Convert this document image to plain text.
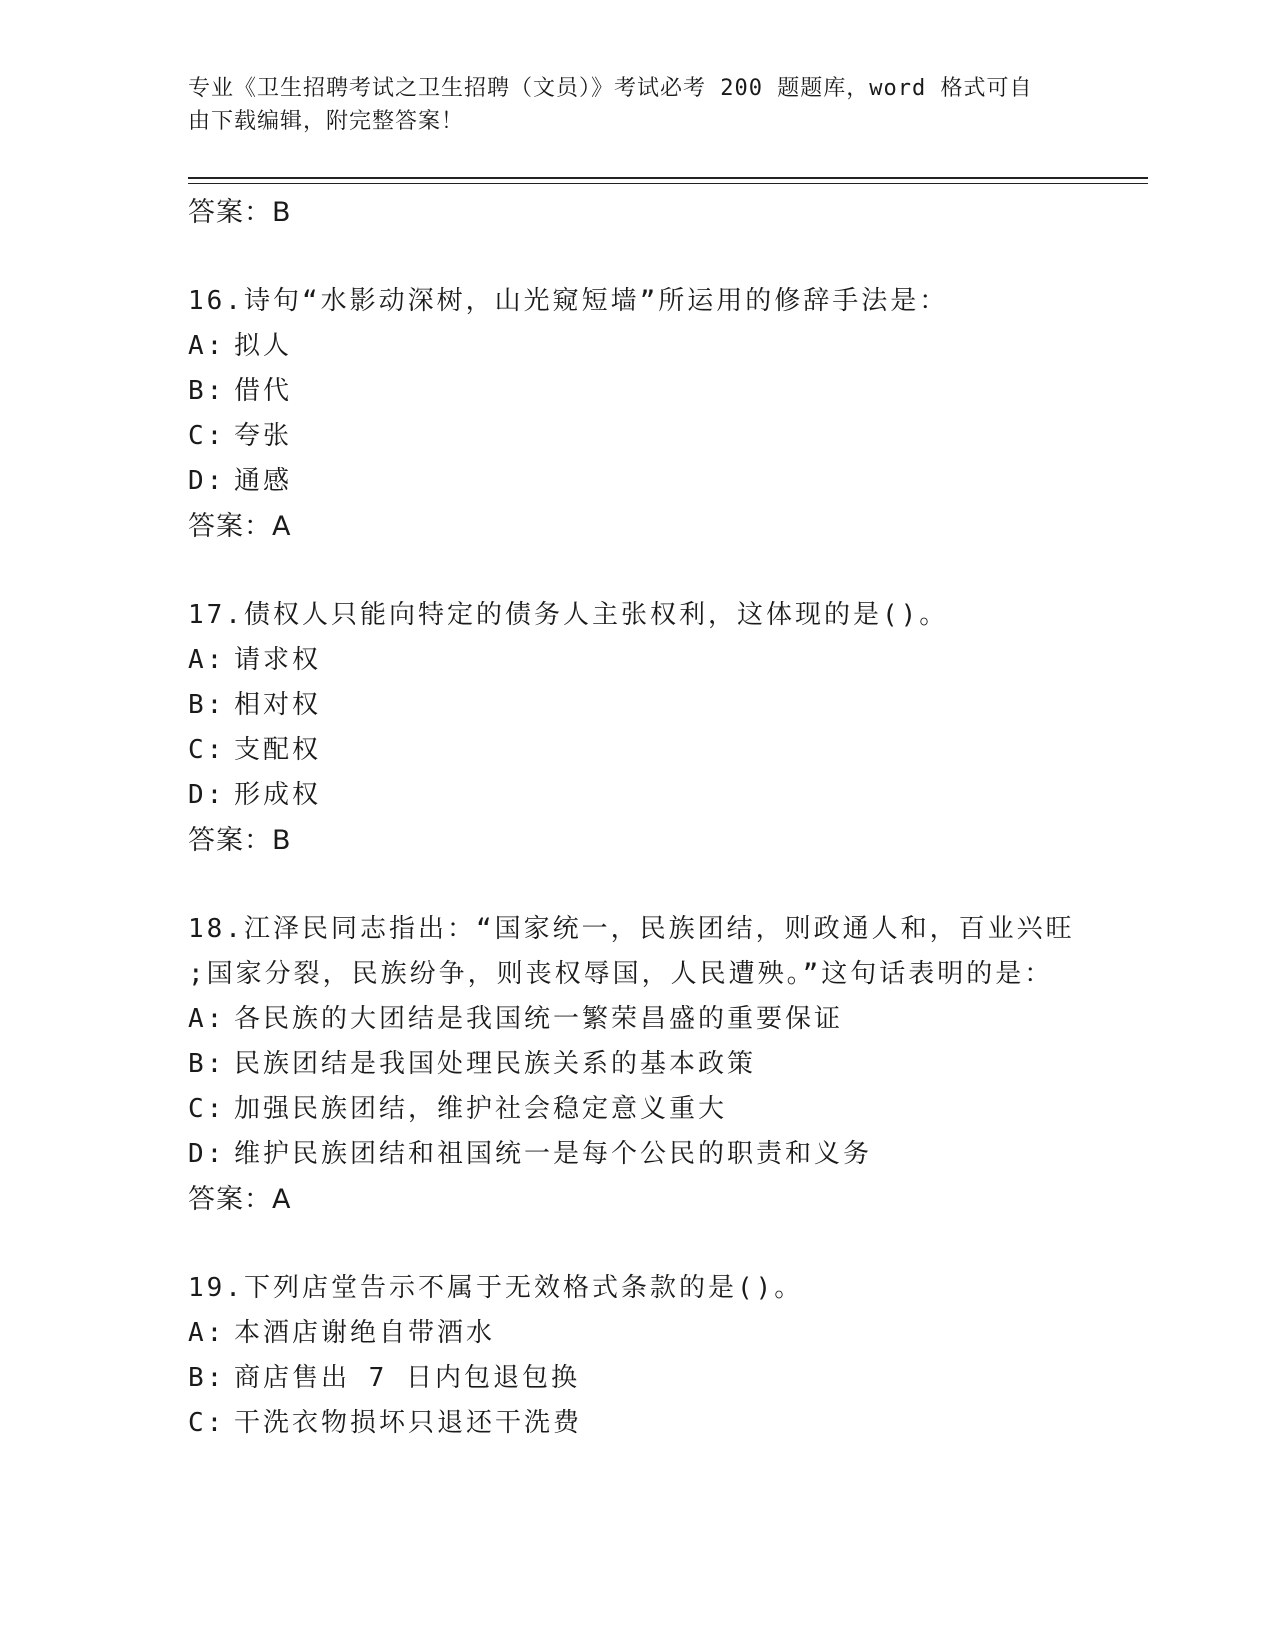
专业《卫生招聘考试之卫生招聘（文员）》考试必考 200 题题库，word 格式可自
由下载编辑，附完整答案！
答案：B
16.诗句“水影动深树，山光窥短墙”所运用的修辞手法是：
A: 拟人
B: 借代
C: 夸张
D: 通感
答案：A
17.债权人只能向特定的债务人主张权利，这体现的是()。
A: 请求权
B: 相对权
C: 支配权
D: 形成权
答案：B
18.江泽民同志指出：“国家统一，民族团结，则政通人和，百业兴旺
;国家分裂，民族纷争，则丧权辱国，人民遭殃。”这句话表明的是：
A: 各民族的大团结是我国统一繁荣昌盛的重要保证
B: 民族团结是我国处理民族关系的基本政策
C: 加强民族团结，维护社会稳定意义重大
D: 维护民族团结和祖国统一是每个公民的职责和义务
答案：A
19.下列店堂告示不属于无效格式条款的是()。
A: 本酒店谢绝自带酒水
B: 商店售出 7 日内包退包换
C: 干洗衣物损坏只退还干洗费
